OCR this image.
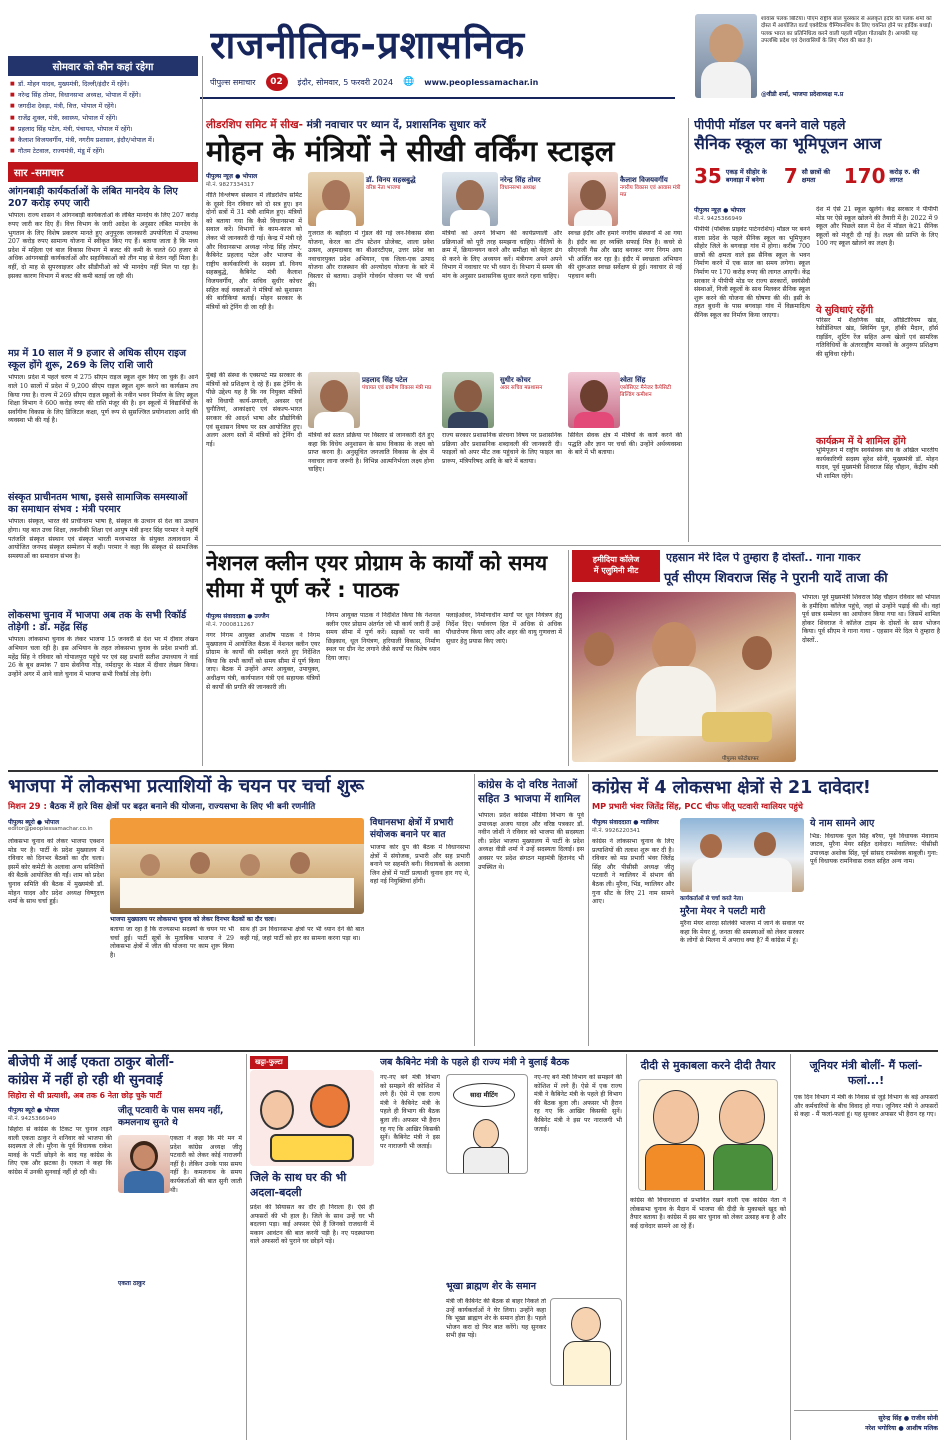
राजनीतिक-प्रशासनिक
पीपुल्स समाचार	02	इंदौर, सोमवार, 5 फरवरी 2024 🌐 www.peoplessamachar.in
शावास पलक बिटिया। पीएम राष्ट्रीय बाल पुरस्कार से अलंकृत इंदौर की पलक शर्मा को दोस्त में आयोजित वर्ल्ड एक्वेटिक चैम्पियनशिप के लिए चयनित होने पर हार्दिक बधाई। पलक भारत का प्रतिनिधित्व करने वाली पहली महिला गोताखोर है। आपकी यह उपलब्धि प्रदेश एवं देशवासियों के लिए गौरव की बात है।
@वीडी शर्मा, भाजपा प्रदेशाध्यक्ष म.प्र
सोमवार को कौन कहां रहेगा
■ डॉ. मोहन यादव, मुख्यमंत्री, दिल्ली/इंदौर में रहेंगे।
■ नरेन्द्र सिंह तोमर, विधानसभा अध्यक्ष, भोपाल में रहेंगे।
■ जगदीश देवड़ा, मंत्री, वित्त, भोपाल में रहेंगे।
■ राजेंद्र शुक्ल, मंत्री, स्वास्थ्य, भोपाल में रहेंगे।
■ प्रहलाद सिंह पटेल, मंत्री, पंचायत, भोपाल में रहेंगे।
■ कैलाश विजयवर्गीय, मंत्री, नगरीय प्रशासन, इंदौर/भोपाल में।
■ गौतम टेटवाल, राज्यमंत्री, मंडू में रहेंगे।
सार -समाचार
आंगनबाड़ी कार्यकर्ताओं के लंबित मानदेय के लिए 207 करोड़ रुपए जारी
भोपाल। राज्य शासन ने आंगनबाड़ी कार्यकर्ताओं के लंबित मानदेय के लिए 207 करोड़ रुपए जारी कर दिए हैं। वित्त विभाग के जारी आदेश के अनुसार लंबित मानदेय के भुगतान के लिए विशेष प्रकरण मानते हुए अनुपूरक जानकारी उपयोगिता में उपलब्ध 207 करोड़ रुपए सामान्य योजना में स्वीकृत किए गए हैं। बताया जाता है कि मध्य प्रदेश में महिला एवं बाल विकास विभाग में बजट की कमी के चलते 60 हजार से अधिक आंगनबाड़ी कार्यकर्ताओं और सहायिकाओं को तीन माह से वेतन नहीं मिला है। वहीं, दो माह से सुपरवाइजर और सीडीपीओ को भी मानदेय नहीं मिल पा रहा है। इसका कारण विभाग में बजट की कमी बताई जा रही थी।
मप्र में 10 साल में 9 हजार से अधिक सीएम राइज स्कूल होंगे शुरू, 269 के लिए राशि जारी
भोपाल। प्रदेश में पहले चरण में 275 सीएम राइज स्कूल शुरू किए जा चुके हैं। आने वाले 10 सालों में प्रदेश में 9,200 सीएम राइज स्कूल शुरू करने का कार्यक्रम तय किया गया है। राज्य में 269 सीएम राइज स्कूलों के नवीन भवन निर्माण के लिए स्कूल शिक्षा विभाग ने 600 करोड़ रुपए की राशि मंजूर की है। इन स्कूलों में विद्यार्थियों के सर्वांगीण विकास के लिए डिजिटल कक्षा, पूर्ण रूप से सुसज्जित प्रयोगशाला आदि की व्यवस्था भी की गई है।
संस्कृत प्राचीनतम भाषा, इससे सामाजिक समस्याओं का समाधान संभव : मंत्री परमार
भोपाल। संस्कृत, भारत की प्राचीनतम भाषा है, संस्कृत के उत्थान से देश का उत्थान होगा। यह बात उच्च शिक्षा, तकनीकी शिक्षा एवं आयुष मंत्री इन्दर सिंह परमार ने महर्षि पतंजलि संस्कृत संस्थान एवं संस्कृत भारती मध्यभारत के संयुक्त तत्वावधान में आयोजित जनपद संस्कृत सम्मेलन में कही। परमार ने कहा कि संस्कृत से सामाजिक समस्याओं का समाधान संभव है।
लोकसभा चुनाव में भाजपा अब तक के सभी रिकॉर्ड तोड़ेगी : डॉ. महेंद्र सिंह
भोपाल। लोकसभा चुनाव के लेकर भाजपा 15 जनवरी से देश भर में दीवार लेखन अभियान चला रही है। इस अभियान के तहत लोकसभा चुनाव के प्रदेश प्रभारी डॉ. महेंद्र सिंह ने रविवार को गोपालपुरा पहुंचे पर एवं सह प्रभारी सतीश उपाध्याय ने वार्ड 26 के बूथ क्रमांक 7 ग्राम सेवनिया गोंड़, नर्मदापुर के मंडल में दीवार लेखन किया। उन्होंने अगर में आने वाले चुनाव में भाजपा सभी रिकॉर्ड तोड़ देगी।
लीडरशिप समिट में सीख- मंत्री नवाचार पर ध्यान दें, प्रशासनिक सुधार करें
मोहन के मंत्रियों ने सीखी वर्किंग स्टाइल
पीपुल्स न्यूज़ ● भोपाल
मो.नं. 9827334317
नीति विश्लेषण संस्थान में लीडरशिप समिट के दूसरे दिन रविवार को दो सत्र हुए। इन दोनों सत्रों में 31 मंत्री शामिल हुए। मंत्रियों को बताया गया कि कैसे विधानसभा में सवाल करें। विभागों के काम-काज को लेकर भी जानकारी दी गई। केन्द्र में मंत्री रहे और विधानसभा अध्यक्ष नरेन्द्र सिंह तोमर, कैबिनेट प्रहलाद पटेल और भाजपा के राष्ट्रीय कार्यकारिणी के सदस्य डॉ. विनय सहस्रबुद्धे, कैबिनेट मंत्री कैलाश विजयवर्गीय, और सचिव सुधीर कोचर सहित कई वक्ताओं ने मंत्रियों को सुशासन की बारीकियां बताईं। मोहन सरकार के मंत्रियों को ट्रेनिंग दी जा रही है।
मुंबई की संस्था के एक्सपर्ट मप्र सरकार के मंत्रियों को प्रशिक्षण दे रहे हैं। इस ट्रेनिंग के पीछे उद्देश्य यह है कि नव नियुक्त मंत्रियों को विधायी कार्य-प्रणाली, अवसर एवं चुनौतियां, आकांक्षाएं एवं संकल्प-भारत सरकार की आदर्श भाषा और प्रौद्योगिकी एवं सुशासन विषय पर सत्र आयोजित हुए। अलग अलग सत्रों में मंत्रियों को ट्रेनिंग दी गई।
डॉ. विनय सहस्रबुद्धे
वरिष्ठ नेता भाजपा
नरेन्द्र सिंह तोमर
विधानसभा अध्यक्ष
कैलाश विजयवर्गीय
नगरीय विकास एवं आवास मंत्री मप्र
गुजरात के बड़ौदरा में गुंडल की गई जन-विकास सेवा योजना, केरल का टॉप स्टेशन प्रोजेक्ट, शाला प्रवेश उत्सव, अहमदाबाद का बीआरटीएस, उत्तर प्रदेश का नवाचारयुक्त प्रदेश अभियान, एक जिला-एक उत्पाद योजना और राजस्थान की अन्त्योदय योजना के बारे में विस्तार से बताया। उन्होंने गोवर्धन योजना पर भी चर्चा की।
मंत्रियों को अपने विभाग की कार्यप्रणाली और प्रक्रियाओं को पूरी तरह समझना चाहिए। नीतियों के क्रम में, क्रियान्वयन करने और समीक्षा को बेहतर ढंग से करने के लिए अध्ययन करें। मंत्रीगण अपने अपने विभाग में नवाचार पर भी ध्यान दें। विभाग में समय की मांग के अनुसार प्रशासनिक सुधार करते रहना चाहिए।
स्वच्छ इंदौर और हमारे नगरीय संस्थानों में आ गया है। इंदौर का हर व्यक्ति सफाई मित्र है। कचरे से सीएनजी गैस और खाद बनाकर नगर निगम आय भी अर्जित कर रहा है। इंदौर में स्वच्छता अभियान की शुरूआत स्वच्छ सर्वेक्षण से हुई। नवाचार से नई पहचान बनी।
प्रहलाद सिंह पटेल
पंचायत एवं ग्रामीण विकास मंत्री मप्र
सुधीर कोचर
अवर सचिव मप्रशासन
श्वेता सिंह
एसोसिएट मैनेजर कैपेसिटी बिल्डिंग कमीशन
मंत्रियों को सतत प्रक्रिया पर विस्तार से जानकारी देते हुए कहा कि विधेय अनुशासन के साथ विकास के लक्ष्य को प्राप्त करना है। अनुसूचित जनजाति विकास के क्षेत्र में नवाचार लाना जरूरी है। विभिन्न आत्मनिर्भरता लक्ष्य होना चाहिए।
राज्य सरकार प्रशासनिक संरचना विषय पर प्रशासनिक प्रक्रिया और प्रशासनिक शब्दावली की जानकारी दी। फाइलों को अपर मीट तक पहुंचाने के लिए फाइल का प्रारूप, मंत्रिपरिषद आदि के बारे में बताया।
सिविल सेवक क्षेत्र में मंत्रियों के कार्य करने की पद्धति और ज्ञान पर चर्चा की। उन्होंने अर्थव्यवस्था के बारे में भी बताया।
पीपीपी मॉडल पर बनने वाले पहले
सैनिक स्कूल का भूमिपूजन आज
35 एकड़ में सीहोर के बगवाड़ा में बनेगा 7 सौ छात्रों की क्षमता	170 करोड़ रु. की लागत
पीपुल्स न्यूज़ ● भोपाल
मो.नं. 9425366949
पीपीपी (पब्लिक प्राइवेट पार्टनरशिप) मॉडल पर बनने वाला प्रदेश के पहले सैनिक स्कूल का भूमिपूजन सीहोर जिले के बगवाड़ा गांव में होगा। करीब 700 छात्रों की क्षमता वाले इस सैनिक स्कूल के भवन निर्माण करने में एक साल का समय लगेगा। स्कूल निर्माण पर 170 करोड़ रुपए की लागत आएगी। केंद्र सरकार ने पीपीपी मोड पर राज्य सरकारों, स्वयंसेवी संस्थाओं, निजी स्कूलों के साथ मिलकर सैनिक स्कूल शुरू करने की योजना की घोषणा की थी। इसी के तहत बुधनी के पास बगवाड़ा गांव में विक्रमादित्य सैनिक स्कूल का निर्माण किया जाएगा।
देश में ऐसे 21 स्कूल खुलेंगे। केंद्र सरकार ने पीपीपी मोड पर ऐसे स्कूल खोलने की तैयारी में है। 2022 में 9 स्कूल और पिछले साल में देश में मॉडल के21 सैनिक स्कूलों को मंजूरी दी गई है। लक्ष्य की प्राप्ति के लिए 100 नए स्कूल खोलने का लक्ष्य है।
ये सुविधाएं रहेंगी
परिसर में शैक्षणिक खंड, ऑडिटोरियम खंड, रेसीडेंशियल खंड, स्विमिंग पूल, हॉकी मैदान, हॉर्स राइडिंग, शूटिंग रेंज सहित अन्य खेलों एवं सामरिक गतिविधियों के अंतरराष्ट्रीय मानकों के अनुरूप प्रशिक्षण की सुविधा रहेगी।
कार्यक्रम में ये शामिल होंगे
भूमिपूजन में राष्ट्रीय स्वयंसेवक संघ के अखिल भारतीय कार्यकारिणी सदस्य सुरेश सोनी, मुख्यमंत्री डॉ. मोहन यादव, पूर्व मुख्यमंत्री शिवराज सिंह चौहान, केंद्रीय मंत्री भी शामिल रहेंगे।
नेशनल क्लीन एयर प्रोग्राम के कार्यों को समय सीमा में पूर्ण करें : पाठक
पीपुल्स संवाददाता ● उज्जैन
मो.नं. 7000811267
नगर निगम आयुक्त आशीष पाठक ने निगम मुख्यालय में आयोजित बैठक में नेशनल क्लीन एयर प्रोग्राम के कार्यों की समीक्षा करते हुए निर्देशित किया कि सभी कार्यों को समय सीमा में पूर्ण किया जाए। बैठक में उन्होंने अपर आयुक्त, उपायुक्त, अधीक्षण यंत्री, कार्यपालन यंत्री एवं सहायक यंत्रियों से कार्यों की प्रगति की जानकारी ली।
निगम आयुक्त पाठक ने निर्देशित किया कि नेशनल क्लीन एयर प्रोग्राम अंतर्गत जो भी कार्य जारी हैं उन्हें समय सीमा में पूर्ण करें। सड़कों पर पानी का छिड़काव, धूल नियंत्रण, हरियाली विकास, निर्माण स्थल पर ग्रीन नेट लगाने जैसे कार्यों पर विशेष ध्यान दिया जाए।
फ्लाईओवर, निर्माणाधीन मार्गों पर धूल नियंत्रण हेतु निर्देश दिए। पर्यावरण हित में अधिक से अधिक पौधारोपण किया जाए और शहर की वायु गुणवत्ता में सुधार हेतु प्रयास किए जाएं।
हमीदिया कॉलेज
में एलुमिनी मीट
एहसान मेरे दिल पे तुम्हारा है दोस्तों.. गाना गाकर
पूर्व सीएम शिवराज सिंह ने पुरानी यादें ताजा की
पीपुल्स फोटोग्राफर
भोपाल। पूर्व मुख्यमंत्री शिवराज सिंह चौहान रविवार को भोपाल के हमीदिया कॉलेज पहुंचे, जहां से उन्होंने पढ़ाई की थी। वहां पूर्व छात्र सम्मेलन का आयोजन किया गया था। जिसमें शामिल होकर शिवराज ने कॉलेज टाइम के दोस्तों के साथ भोजन किया। पूर्व सीएम ने गाना गाया - एहसान मेरे दिल पे तुम्हारा है दोस्तों..
भाजपा में लोकसभा प्रत्याशियों के चयन पर चर्चा शुरू
मिशन 29 : बैठक में हारे विस क्षेत्रों पर बढ़त बनाने की योजना, राज्यसभा के लिए भी बनी रणनीति
पीपुल्स ब्यूरो ● भोपाल
editor@peoplessamachar.co.in
लोकसभा चुनाव को लेकर भाजपा एक्शन मोड पर है। पार्टी के प्रदेश मुख्यालय में रविवार को दिनभर बैठकों का दौर चला। इसमें कोर कमेटी के अलावा अन्य समितियों की बैठकें आयोजित की गईं। शाम को प्रदेश चुनाव समिति की बैठक में मुख्यमंत्री डॉ. मोहन यादव और प्रदेश अध्यक्ष विष्णुदत्त शर्मा के साथ चर्चा हुई।
भाजपा मुख्यालय पर लोकसभा चुनाव को लेकर दिनभर बैठकों का दौर चला।
बताया जा रहा है कि राज्यसभा सदस्यों के चयन पर भी चर्चा हुई। पार्टी सूत्रों के मुताबिक भाजपा ने 29 लोकसभा क्षेत्रों में जीत की योजना पर काम शुरू किया है।
साथ ही उन विधानसभा क्षेत्रों पर भी ध्यान देने की बात कही गई, जहां पार्टी को हार का सामना करना पड़ा था।
विधानसभा क्षेत्रों में प्रभारी संयोजक बनाने पर बात
भाजपा कोर ग्रुप की बैठक में विधानसभा क्षेत्रों में संयोजक, प्रभारी और सह प्रभारी बनाने पर सहमति बनी। विधायकों के अलावा जिन क्षेत्रों में पार्टी प्रत्याशी चुनाव हार गए थे, वहां नई नियुक्तियां होंगी।
कांग्रेस के दो वरिष्ठ नेताओं सहित 3 भाजपा में शामिल
भोपाल। प्रदेश कांग्रेस मीडिया विभाग के पूर्व उपाध्यक्ष अजय यादव और वरिष्ठ पत्रकार डॉ. नवीन जोशी ने रविवार को भाजपा की सदस्यता ली। प्रदेश भाजपा मुख्यालय में पार्टी के प्रदेश अध्यक्ष वीडी शर्मा ने उन्हें सदस्यता दिलाई। इस अवसर पर प्रदेश संगठन महामंत्री हितानंद भी उपस्थित थे।
कांग्रेस में 4 लोकसभा क्षेत्रों से 21 दावेदार!
MP प्रभारी भंवर जितेंद्र सिंह, PCC चीफ जीतू पटवारी ग्वालियर पहुंचे
पीपुल्स संवाददाता ● ग्वालियर
मो.नं. 9926220341
कांग्रेस ने लोकसभा चुनाव के लिए प्रत्याशियों की तलाश शुरू कर दी है। रविवार को मप्र प्रभारी भंवर जितेंद्र सिंह और पीसीसी अध्यक्ष जीतू पटवारी ने ग्वालियर में संभाग की बैठक ली। मुरैना, भिंड, ग्वालियर और गुना सीट के लिए 21 नाम सामने आए।	कार्यकर्ताओं से चर्चा करते नेता।
मुरैना मेयर ने पलटी मारी
मुरैना मेयर शारदा सोलंकी भाजपा में जाने के सवाल पर कहा कि मेयर हूं, जनता की समस्याओं को लेकर सरकार के लोगों से मिलना में अपराध क्या है? मैं कांग्रेस में हूं।
ये नाम सामने आए
भिंड: विधायक फूल सिंह बरैया, पूर्व विधायक मेवाराम जाटव, मुरैना मेयर सहित दावेदार। ग्वालियर: पीसीसी उपाध्यक्ष अशोक सिंह, पूर्व सांसद रामसेवक बाबूजी। गुना: पूर्व विधायक रामनिवास रावत सहित अन्य नाम।
बीजेपी में आईं एकता ठाकुर बोलीं-
कांग्रेस में नहीं हो रही थी सुनवाई
सिहोरा से थी प्रत्याशी, अब तक 6 नेता छोड़ चुके पार्टी
पीपुल्स ब्यूरो ● भोपाल
मो.नं. 9425366949
सिहोरा से कांग्रेस के टिकट पर चुनाव लड़ने वाली एकता ठाकुर ने शनिवार को भाजपा की सदस्यता ले ली। मुरैना के पूर्व विधायक राकेश मावई के पार्टी छोड़ने के बाद यह कांग्रेस के लिए एक और झटका है। एकता ने कहा कि कांग्रेस में उनकी सुनवाई नहीं हो रही थी।
जीतू पटवारी के पास समय नहीं, कमलनाथ सुनते थे
एकता ने कहा कि मेरे मन में प्रदेश कांग्रेस अध्यक्ष जीतू पटवारी को लेकर कोई नाराजगी नहीं है। लेकिन उनके पास समय नहीं है। कमलनाथ के समय कार्यकर्ताओं की बात सुनी जाती थी।
एकता ठाकुर
खट्टा-फुल्टा
जिले के साथ घर की भी अदला-बदली
प्रदेश की सियासत का दौर ही निराला है। ऐसे ही अफसरों की भी हाल है। जिले के साथ उन्हें घर भी बदलना पड़ा। कई अफसर ऐसे हैं जिनको राजधानी में मकान आवंटन की बात करनी पड़ी है। नए पदस्थापना वाले अफसरों को पुराने घर छोड़ने पड़े।
जब कैबिनेट मंत्री के पहले ही राज्य मंत्री ने बुलाई बैठक
नए-नए बने मंत्री विभाग को समझने की कोशिश में लगे हैं। ऐसे में एक राज्य मंत्री ने कैबिनेट मंत्री के पहले ही विभाग की बैठक बुला ली। अफसर भी हैरान रह गए कि आखिर किसकी सुनें। कैबिनेट मंत्री ने इस पर नाराजगी भी जताई।
सादा मीटिंग
नए-नए बने मंत्री विभाग को समझने की कोशिश में लगे हैं। ऐसे में एक राज्य मंत्री ने कैबिनेट मंत्री के पहले ही विभाग की बैठक बुला ली। अफसर भी हैरान रह गए कि आखिर किसकी सुनें। कैबिनेट मंत्री ने इस पर नाराजगी भी जताई।
भूखा ब्राह्मण शेर के समान
मंत्री जी कैबिनेट की बैठक से बाहर निकले तो उन्हें कार्यकर्ताओं ने घेर लिया। उन्होंने कहा कि भूखा ब्राह्मण शेर के समान होता है। पहले भोजन करा दो फिर बात करेंगे। यह सुनकर सभी हंस पड़े।
दीदी से मुकाबला करने दीदी तैयार
कांग्रेस की विचारधारा से प्रभावित रखने वाली एक कांग्रेस नेता ने लोकसभा चुनाव के मैदान में भाजपा की दीदी के मुकाबले खुद को तैयार बताया है। कांग्रेस में इस बार चुनाव को लेकर उत्साह बना है और कई दावेदार सामने आ रहे हैं।
जूनियर मंत्री बोलीं- मैं फलां-फलां...!
एक दिन विभाग में मंत्री के निवास से जुड़े विभाग के बड़े अफसरों और कर्मचारियों के बीच विवाद हो गया। जूनियर मंत्री ने अफसरों से कहा - मैं फलां-फलां हूं। यह सुनकर अफसर भी हैरान रह गए।
सुरेन्द्र सिंह ● राजीव सोनी
नरेश भगोरिया ● आशीष मलिक
